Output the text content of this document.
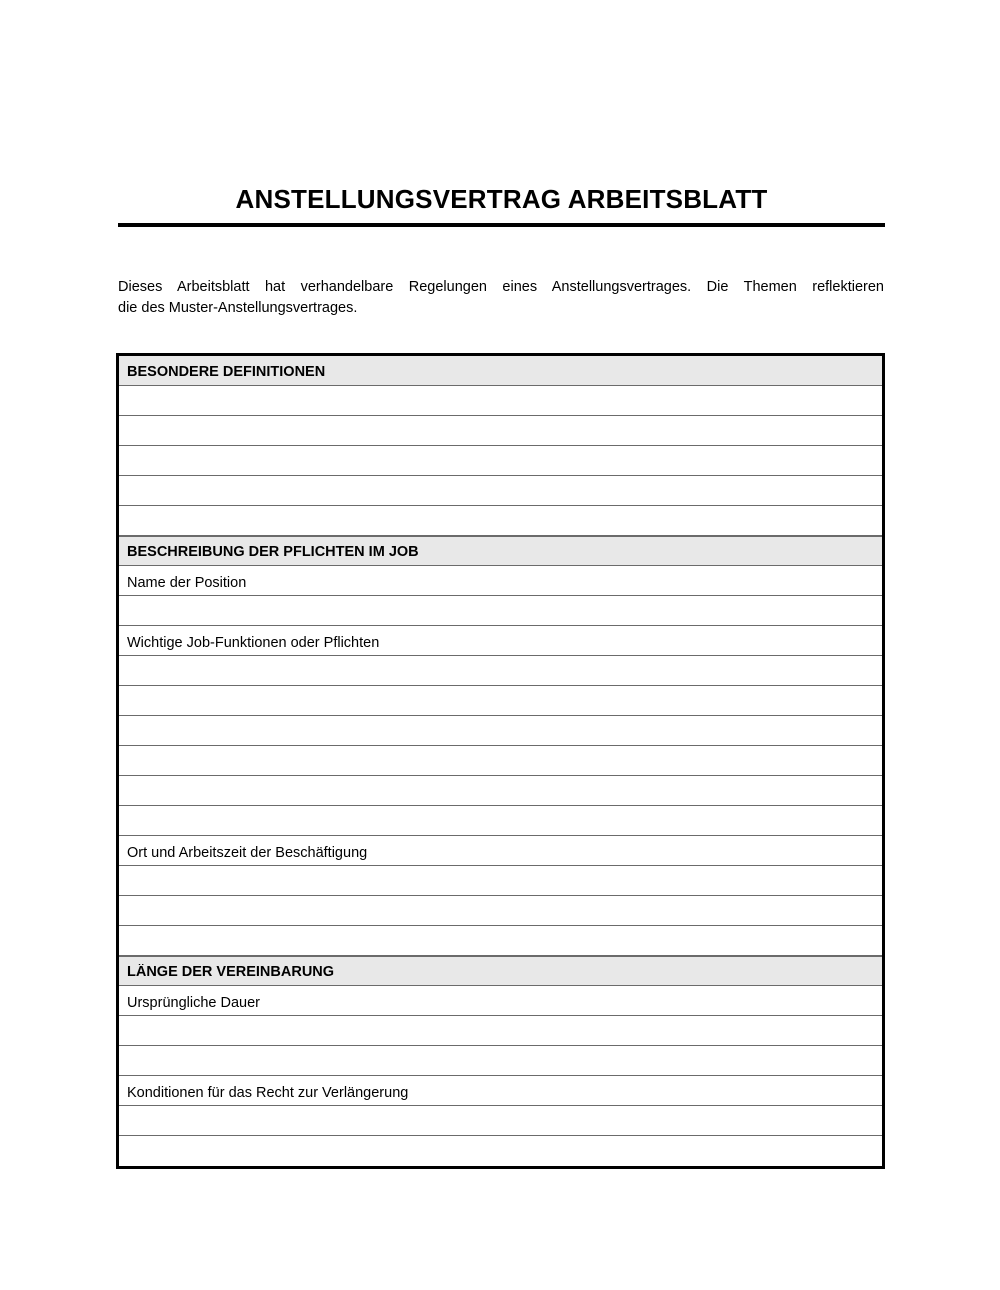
ANSTELLUNGSVERTRAG ARBEITSBLATT

Dieses Arbeitsblatt hat verhandelbare Regelungen eines Anstellungsvertrages. Die Themen reflektieren
die des Muster-Anstellungsvertrages.

BESONDERE DEFINITIONEN
BESCHREIBUNG DER PFLICHTEN IM JOB
Name der Position
Wichtige Job-Funktionen oder Pflichten
Ort und Arbeitszeit der Beschäftigung
LÄNGE DER VEREINBARUNG
Ursprüngliche Dauer
Konditionen für das Recht zur Verlängerung
